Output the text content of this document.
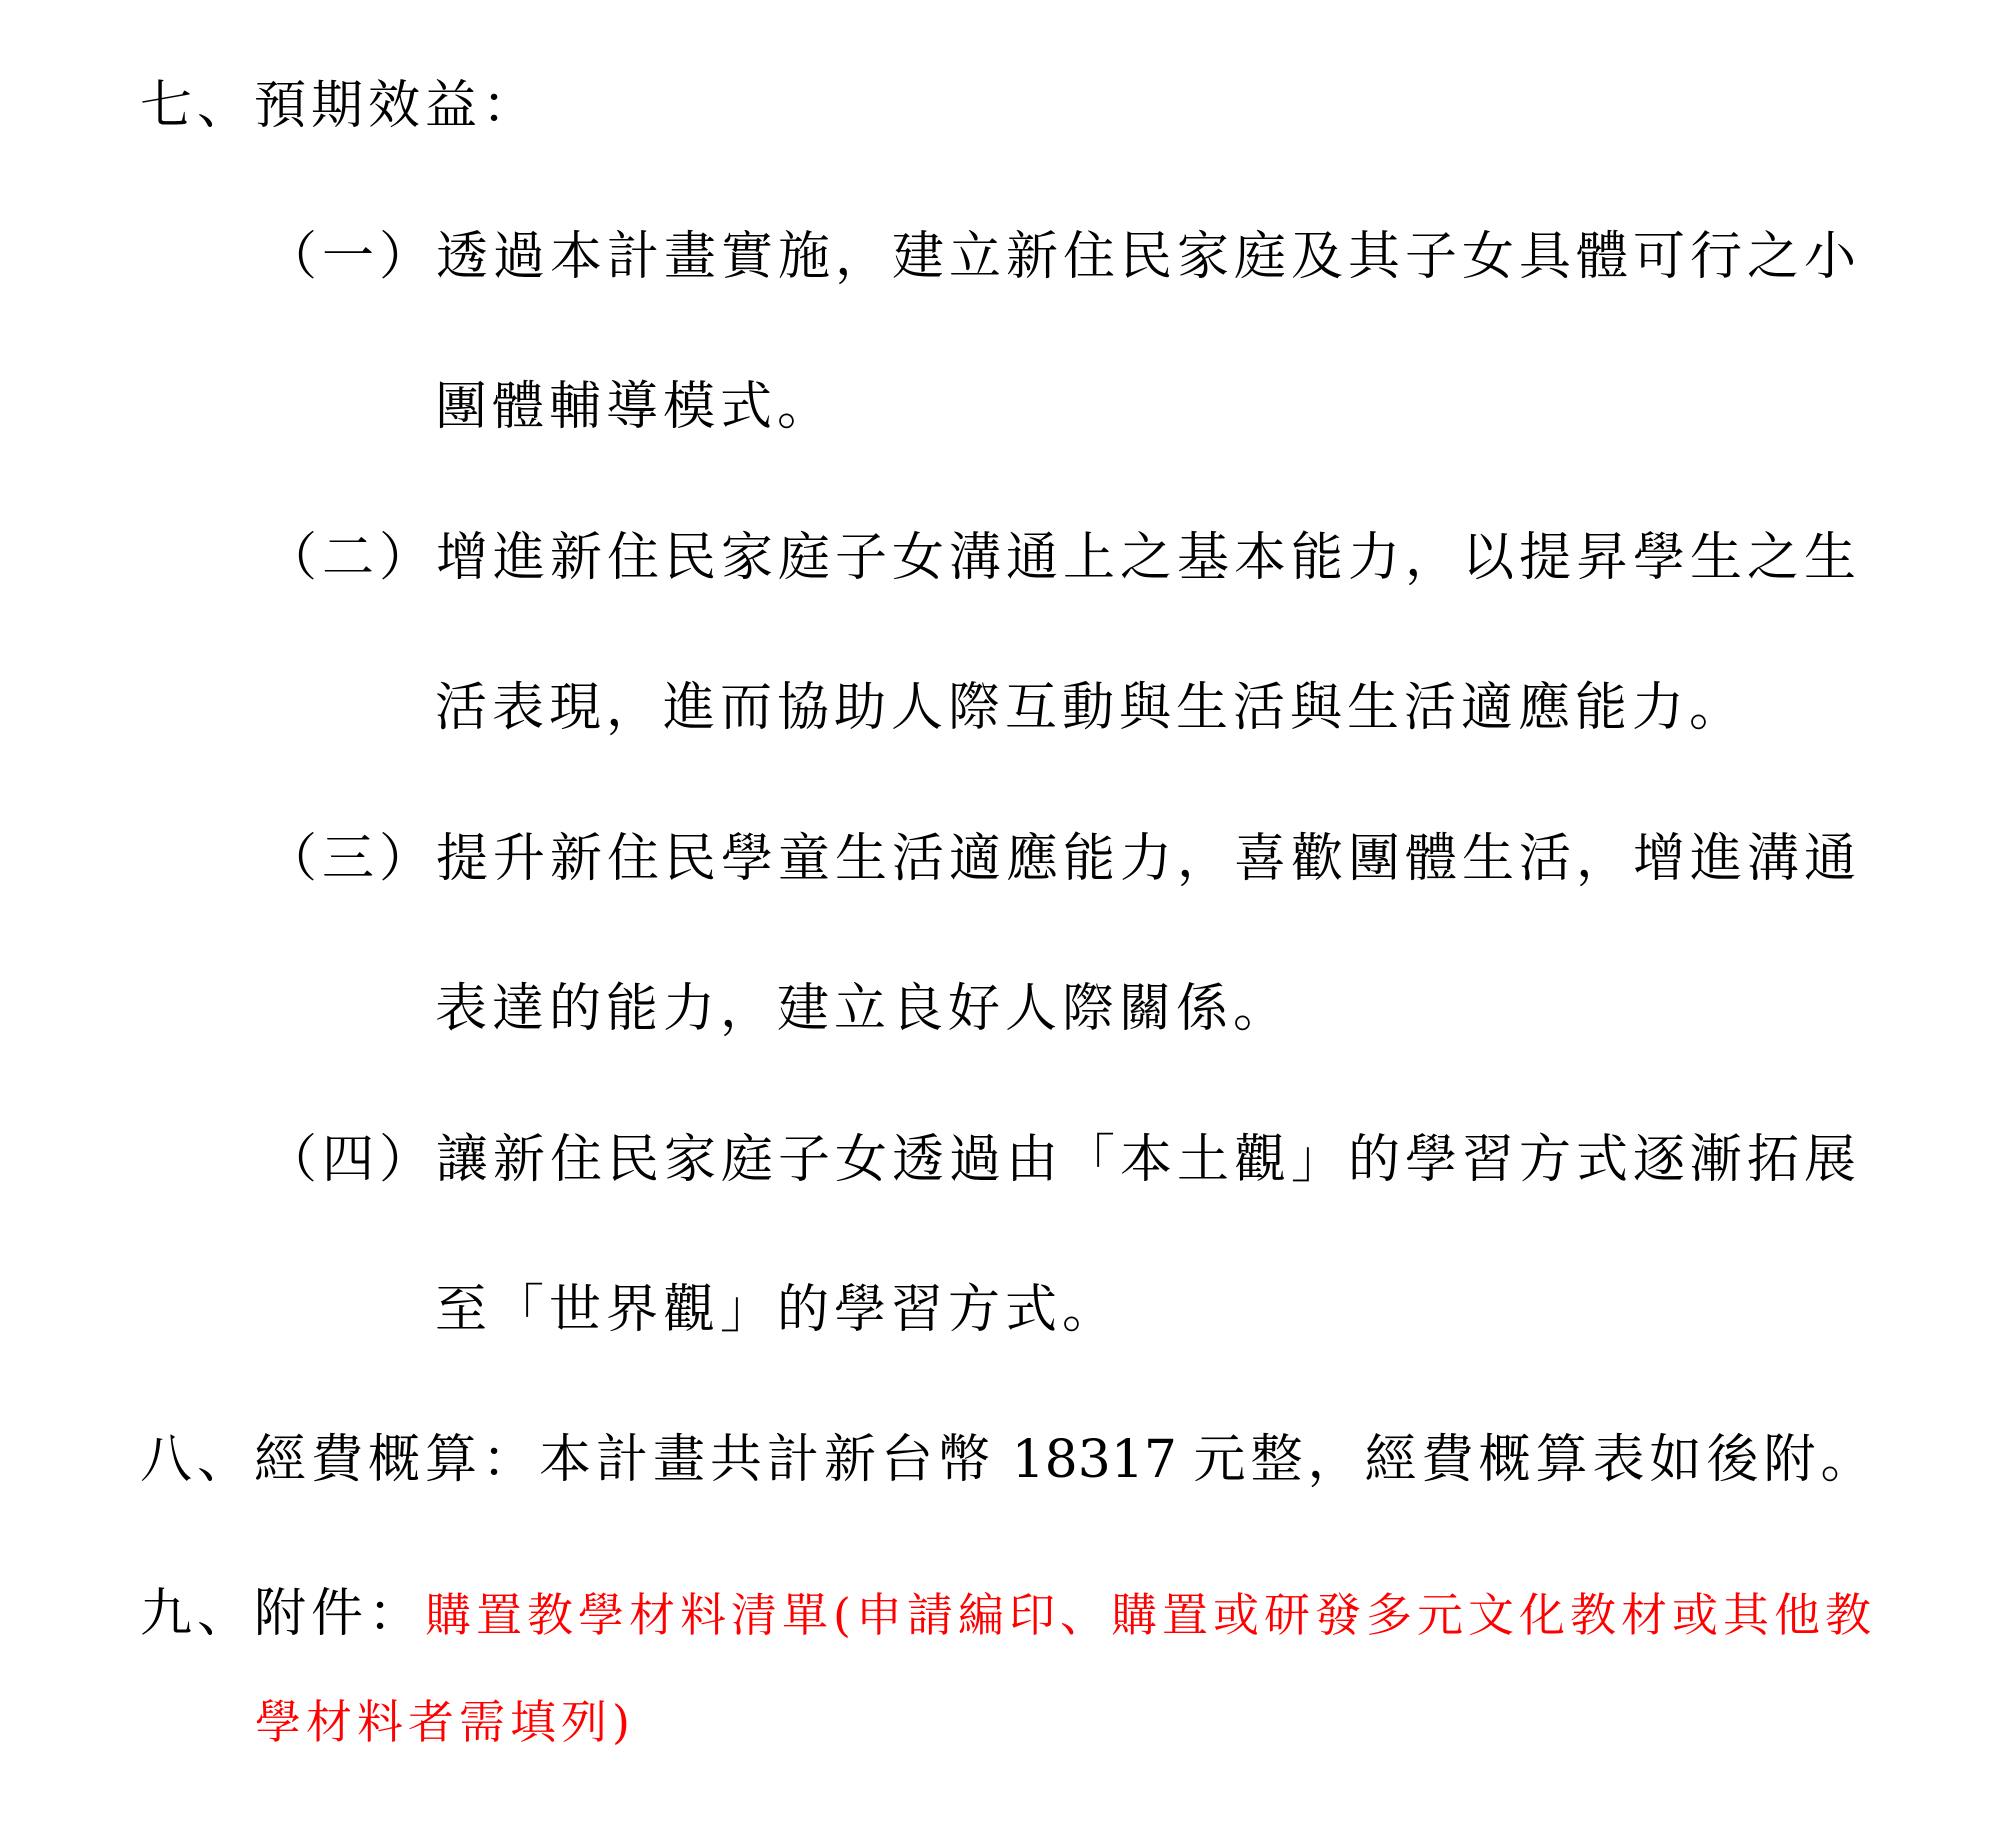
七、預期效益：
（一）透過本計畫實施，建立新住民家庭及其子女具體可行之小
團體輔導模式。
（二）增進新住民家庭子女溝通上之基本能力，以提昇學生之生
活表現，進而協助人際互動與生活與生活適應能力。
（三）提升新住民學童生活適應能力，喜歡團體生活，增進溝通
表達的能力，建立良好人際關係。
（四）讓新住民家庭子女透過由「本土觀」的學習方式逐漸拓展
至「世界觀」的學習方式。
八、經費概算：本計畫共計新台幣 18317 元整，經費概算表如後附。
九、附件：購置教學材料清單(申請編印、購置或研發多元文化教材或其他教
學材料者需填列)
